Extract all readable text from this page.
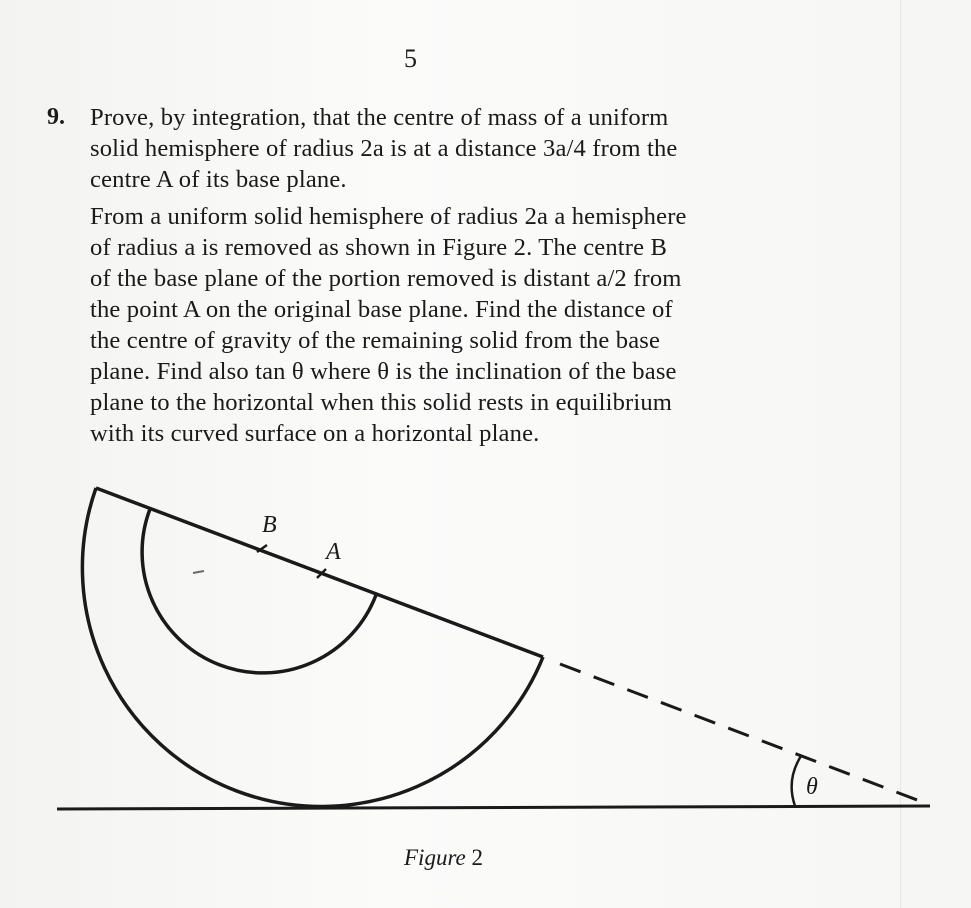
5
9. Prove, by integration, that the centre of mass of a uniform
solid hemisphere of radius 2a is at a distance 3a/4 from the
centre A of its base plane.
From a uniform solid hemisphere of radius 2a a hemisphere
of radius a is removed as shown in Figure 2. The centre B
of the base plane of the portion removed is distant a/2 from
the point A on the original base plane. Find the distance of
the centre of gravity of the remaining solid from the base
plane. Find also tan θ where θ is the inclination of the base
plane to the horizontal when this solid rests in equilibrium
with its curved surface on a horizontal plane.
B
A
θ
Figure 2
